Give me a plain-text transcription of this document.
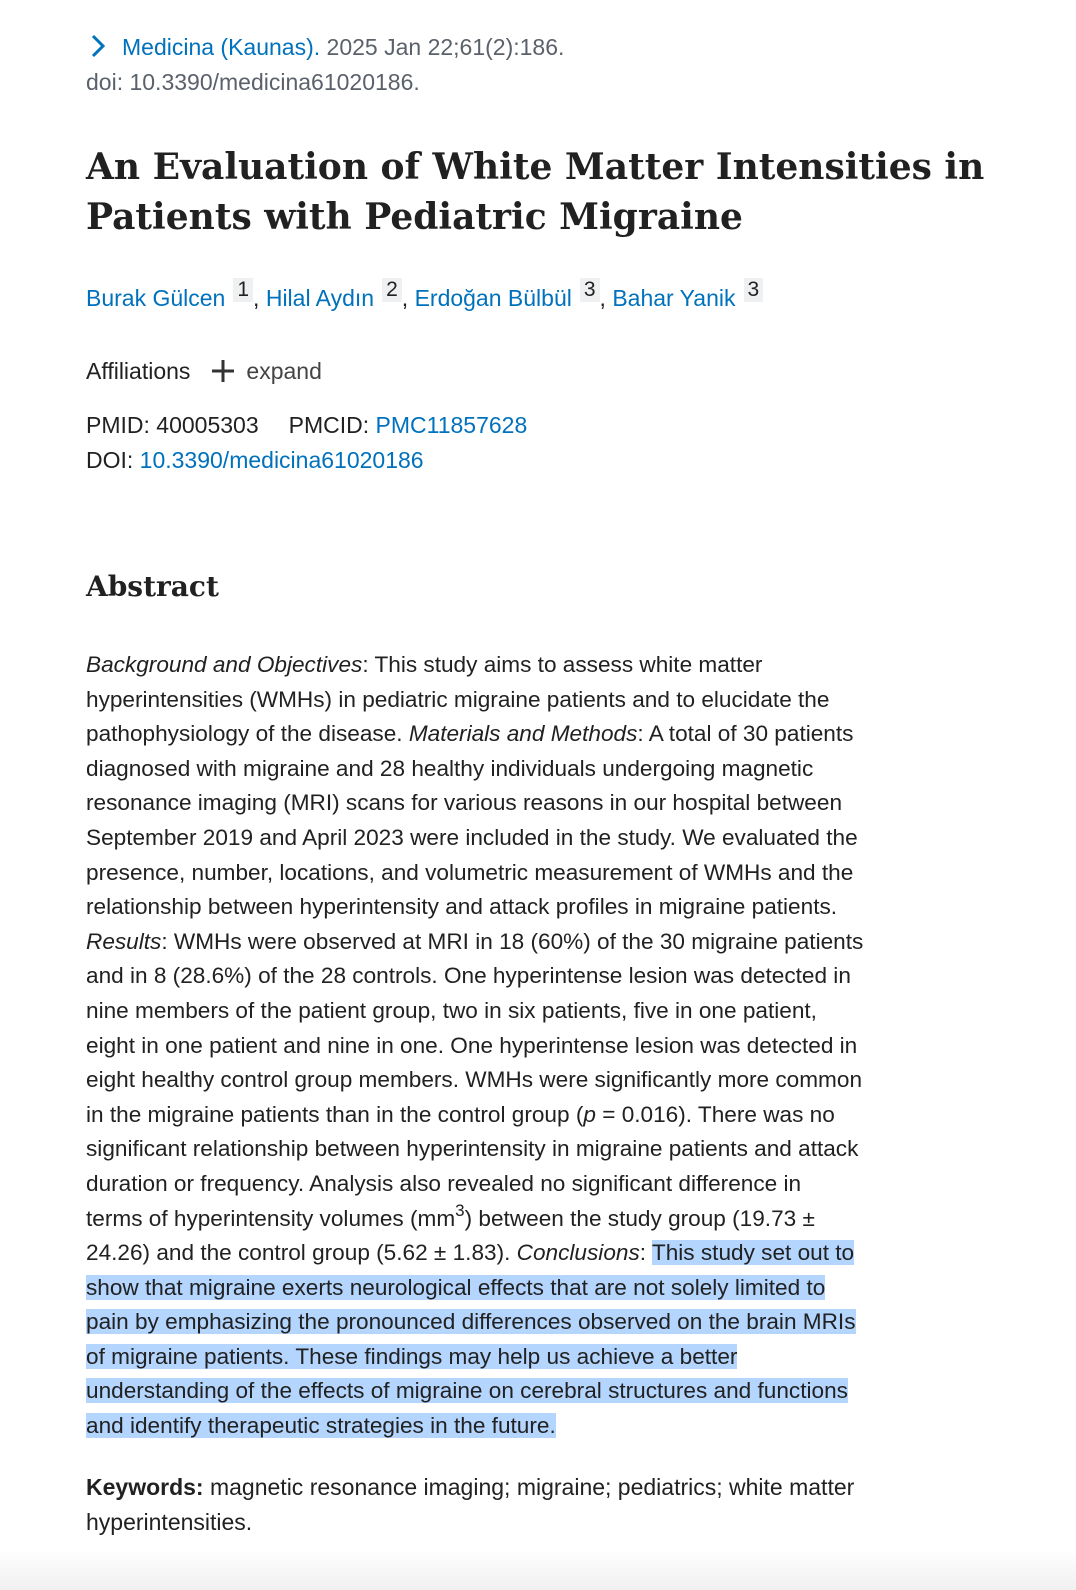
Medicina (Kaunas). 2025 Jan 22;61(2):186.
doi: 10.3390/medicina61020186.
An Evaluation of White Matter Intensities in
Patients with Pediatric Migraine
Burak Gülcen 1 , Hilal Aydın 2 , Erdoğan Bülbül 3 , Bahar Yanik 3
Affiliations expand
PMID: 40005303 PMCID: PMC11857628
DOI: 10.3390/medicina61020186
Abstract
Background and Objectives: This study aims to assess white matter
hyperintensities (WMHs) in pediatric migraine patients and to elucidate the
pathophysiology of the disease. Materials and Methods: A total of 30 patients
diagnosed with migraine and 28 healthy individuals undergoing magnetic
resonance imaging (MRI) scans for various reasons in our hospital between
September 2019 and April 2023 were included in the study. We evaluated the
presence, number, locations, and volumetric measurement of WMHs and the
relationship between hyperintensity and attack profiles in migraine patients.
Results: WMHs were observed at MRI in 18 (60%) of the 30 migraine patients
and in 8 (28.6%) of the 28 controls. One hyperintense lesion was detected in
nine members of the patient group, two in six patients, five in one patient,
eight in one patient and nine in one. One hyperintense lesion was detected in
eight healthy control group members. WMHs were significantly more common
in the migraine patients than in the control group (p = 0.016). There was no
significant relationship between hyperintensity in migraine patients and attack
duration or frequency. Analysis also revealed no significant difference in
terms of hyperintensity volumes $(mm^3)$ between the study group (19.73 ±
24.26) and the control group (5.62 ± 1.83). Conclusions: This study set out to
show that migraine exerts neurological effects that are not solely limited to
pain by emphasizing the pronounced differences observed on the brain MRIs
of migraine patients. These findings may help us achieve a better
understanding of the effects of migraine on cerebral structures and functions
and identify therapeutic strategies in the future.
Keywords: magnetic resonance imaging; migraine; pediatrics; white matter
hyperintensities.
